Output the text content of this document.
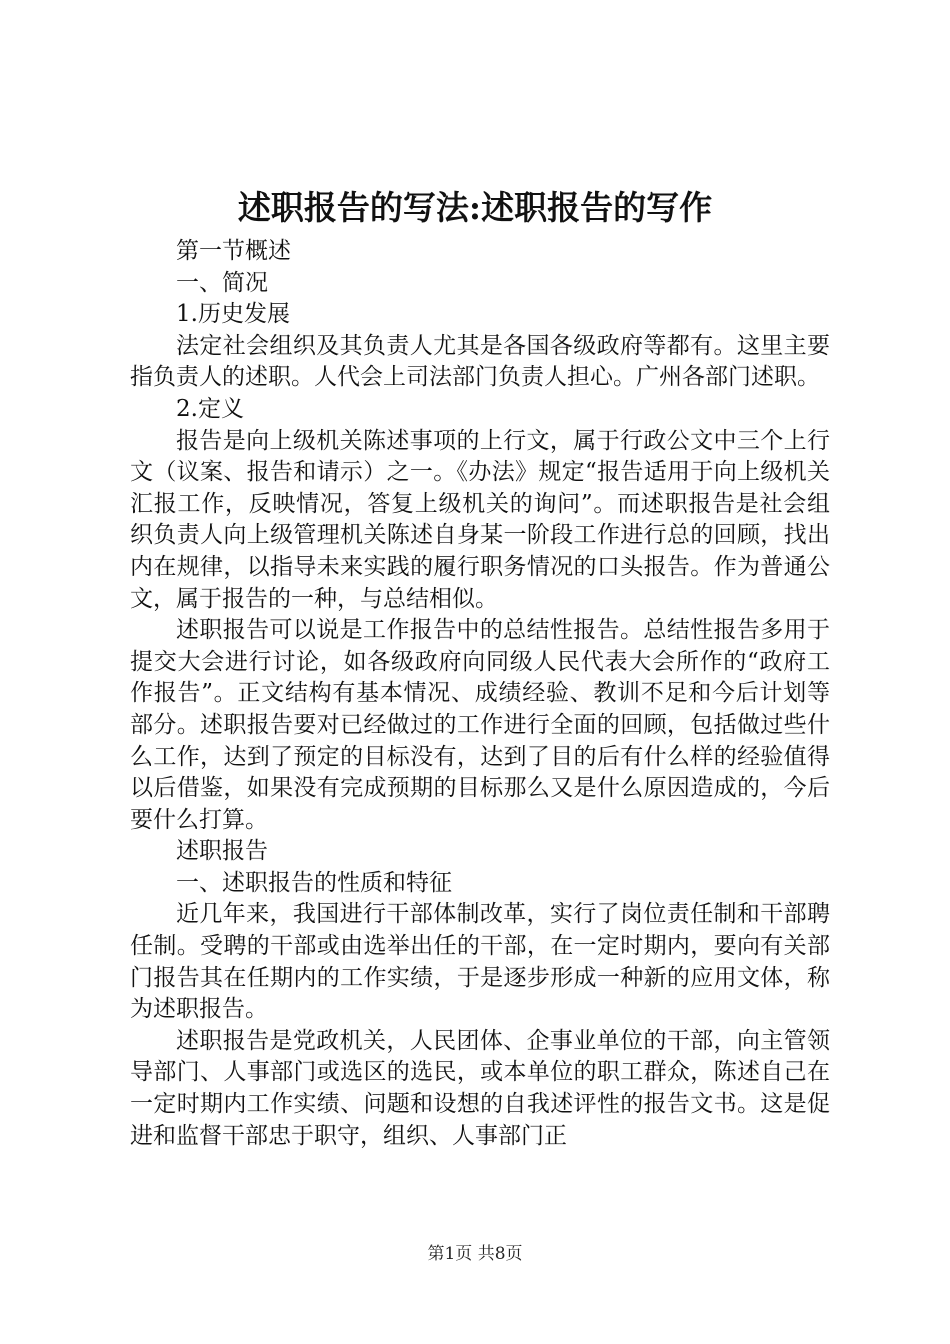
述职报告的写法:述职报告的写作

第一节概述

一、简况

1.历史发展

法定社会组织及其负责人尤其是各国各级政府等都有。这里主要指负责人的述职。人代会上司法部门负责人担心。广州各部门述职。

2.定义

报告是向上级机关陈述事项的上行文，属于行政公文中三个上行文（议案、报告和请示）之一。《办法》规定“报告适用于向上级机关汇报工作，反映情况，答复上级机关的询问”。而述职报告是社会组织负责人向上级管理机关陈述自身某一阶段工作进行总的回顾，找出内在规律，以指导未来实践的履行职务情况的口头报告。作为普通公文，属于报告的一种，与总结相似。

述职报告可以说是工作报告中的总结性报告。总结性报告多用于提交大会进行讨论，如各级政府向同级人民代表大会所作的“政府工作报告”。正文结构有基本情况、成绩经验、教训不足和今后计划等部分。述职报告要对已经做过的工作进行全面的回顾，包括做过些什么工作，达到了预定的目标没有，达到了目的后有什么样的经验值得以后借鉴，如果没有完成预期的目标那么又是什么原因造成的，今后要什么打算。

述职报告

一、述职报告的性质和特征

近几年来，我国进行干部体制改革，实行了岗位责任制和干部聘任制。受聘的干部或由选举出任的干部，在一定时期内，要向有关部门报告其在任期内的工作实绩，于是逐步形成一种新的应用文体，称为述职报告。

述职报告是党政机关，人民团体、企事业单位的干部，向主管领导部门、人事部门或选区的选民，或本单位的职工群众，陈述自己在一定时期内工作实绩、问题和设想的自我述评性的报告文书。这是促进和监督干部忠于职守，组织、人事部门正

第1页 共8页
